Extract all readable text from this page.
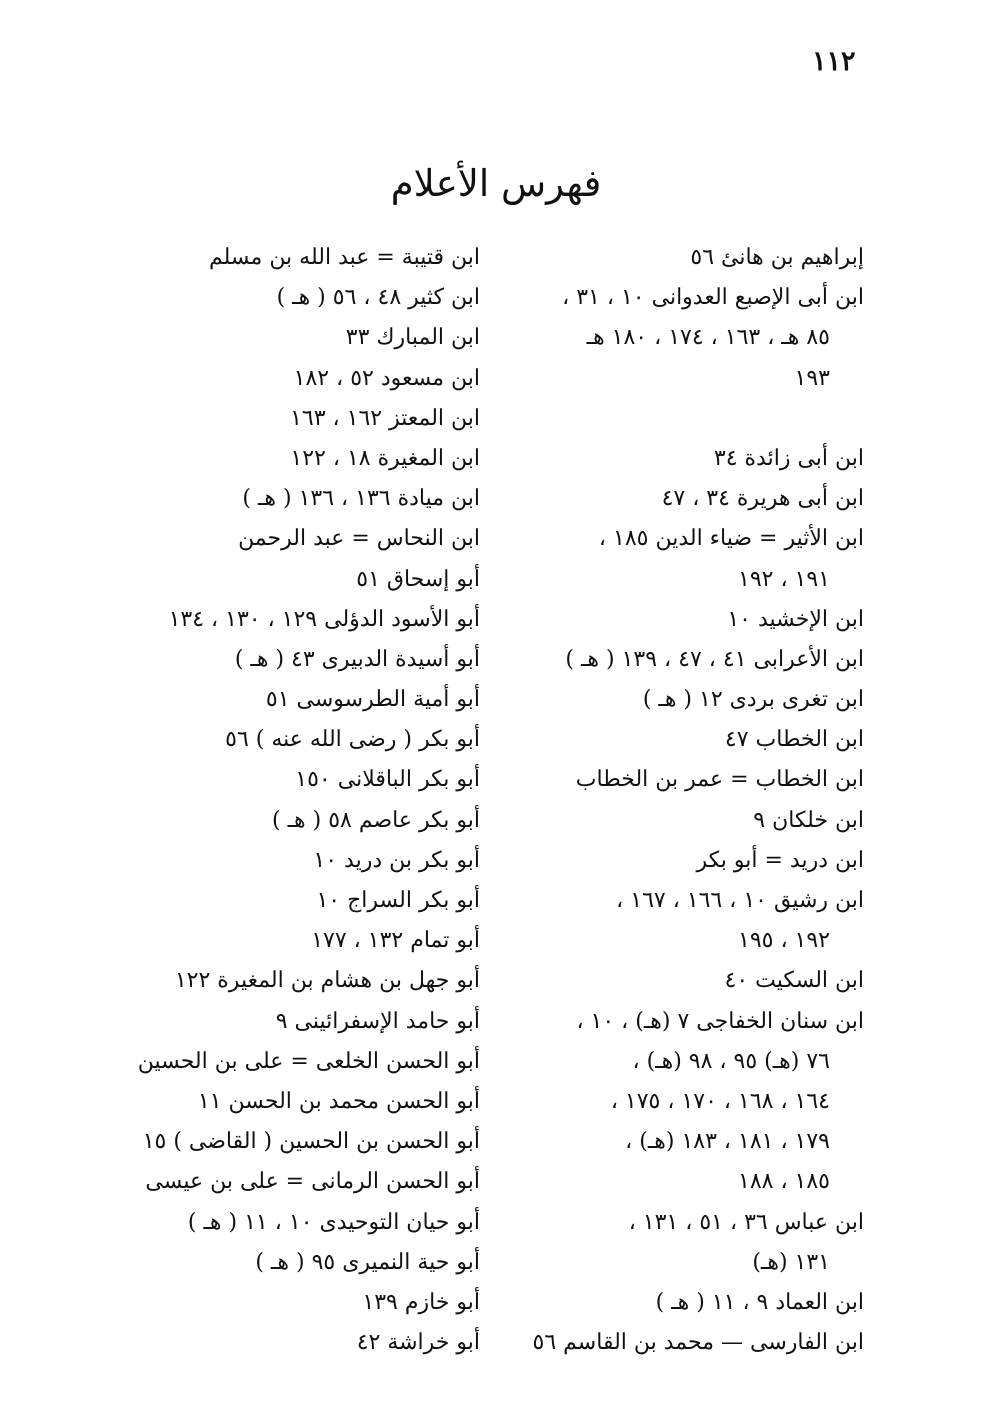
١١٢
فهرس الأعلام
إبراهيم بن هانئ ٥٦
ابن أبى الإصبع العدوانى ١٠ ، ٣١ ،
٨٥ هـ ، ١٦٣ ، ١٧٤ ، ١٨٠ هـ
١٩٣
ابن أبى زائدة ٣٤
ابن أبى هريرة ٣٤ ، ٤٧
ابن الأثير = ضياء الدين ١٨٥ ،
١٩١ ، ١٩٢
ابن الإخشيد ١٠
ابن الأعرابى ٤١ ، ٤٧ ، ١٣٩ ( هـ )
ابن تغرى بردى ١٢ ( هـ )
ابن الخطاب ٤٧
ابن الخطاب = عمر بن الخطاب
ابن خلكان ٩
ابن دريد = أبو بكر
ابن رشيق ١٠ ، ١٦٦ ، ١٦٧ ،
١٩٢ ، ١٩٥
ابن السكيت ٤٠
ابن سنان الخفاجى ٧ (هـ) ، ١٠ ،
٧٦ (هـ) ٩٥ ، ٩٨ (هـ) ،
١٦٤ ، ١٦٨ ، ١٧٠ ، ١٧٥ ،
١٧٩ ، ١٨١ ، ١٨٣ (هـ) ،
١٨٥ ، ١٨٨
ابن عباس ٣٦ ، ٥١ ، ١٣١ ،
١٣١ (هـ)
ابن العماد ٩ ، ١١ ( هـ )
ابن الفارسى — محمد بن القاسم ٥٦
ابن قتيبة = عبد الله بن مسلم
ابن كثير ٤٨ ، ٥٦ ( هـ )
ابن المبارك ٣٣
ابن مسعود ٥٢ ، ١٨٢
ابن المعتز ١٦٢ ، ١٦٣
ابن المغيرة ١٨ ، ١٢٢
ابن ميادة ١٣٦ ، ١٣٦ ( هـ )
ابن النحاس = عبد الرحمن
أبو إسحاق ٥١
أبو الأسود الدؤلى ١٢٩ ، ١٣٠ ، ١٣٤
أبو أسيدة الدبيرى ٤٣ ( هـ )
أبو أمية الطرسوسى ٥١
أبو بكر ( رضى الله عنه ) ٥٦
أبو بكر الباقلانى ١٥٠
أبو بكر عاصم ٥٨ ( هـ )
أبو بكر بن دريد ١٠
أبو بكر السراج ١٠
أبو تمام ١٣٢ ، ١٧٧
أبو جهل بن هشام بن المغيرة ١٢٢
أبو حامد الإسفرائينى ٩
أبو الحسن الخلعى = على بن الحسين
أبو الحسن محمد بن الحسن ١١
أبو الحسن بن الحسين ( القاضى ) ١٥
أبو الحسن الرمانى = على بن عيسى
أبو حيان التوحيدى ١٠ ، ١١ ( هـ )
أبو حية النميرى ٩٥ ( هـ )
أبو خازم ١٣٩
أبو خراشة ٤٢
